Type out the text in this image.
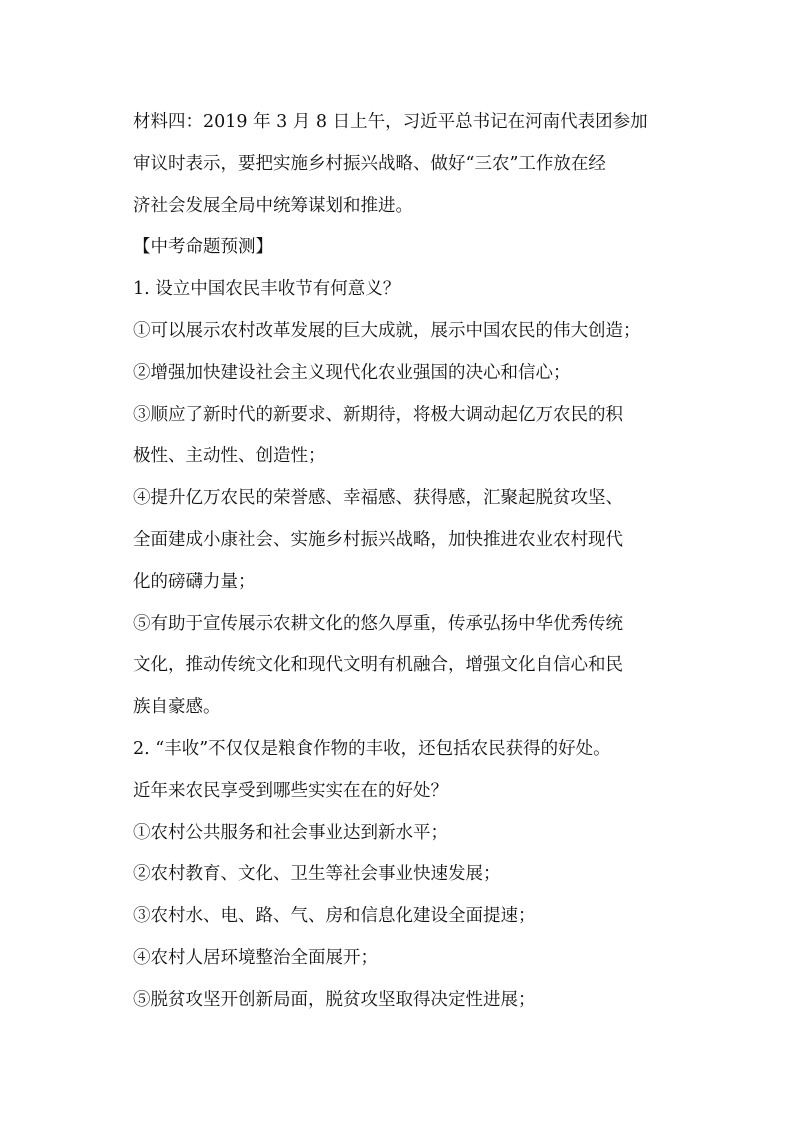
材料四：2019 年 3 月 8 日上午，习近平总书记在河南代表团参加
审议时表示，要把实施乡村振兴战略、做好“三农”工作放在经
济社会发展全局中统筹谋划和推进。
【中考命题预测】
1. 设立中国农民丰收节有何意义？
①可以展示农村改革发展的巨大成就，展示中国农民的伟大创造；
②增强加快建设社会主义现代化农业强国的决心和信心；
③顺应了新时代的新要求、新期待，将极大调动起亿万农民的积
极性、主动性、创造性；
④提升亿万农民的荣誉感、幸福感、获得感，汇聚起脱贫攻坚、
全面建成小康社会、实施乡村振兴战略，加快推进农业农村现代
化的磅礴力量；
⑤有助于宣传展示农耕文化的悠久厚重，传承弘扬中华优秀传统
文化，推动传统文化和现代文明有机融合，增强文化自信心和民
族自豪感。
2. “丰收”不仅仅是粮食作物的丰收，还包括农民获得的好处。
近年来农民享受到哪些实实在在的好处？
①农村公共服务和社会事业达到新水平；
②农村教育、文化、卫生等社会事业快速发展；
③农村水、电、路、气、房和信息化建设全面提速；
④农村人居环境整治全面展开；
⑤脱贫攻坚开创新局面，脱贫攻坚取得决定性进展；
